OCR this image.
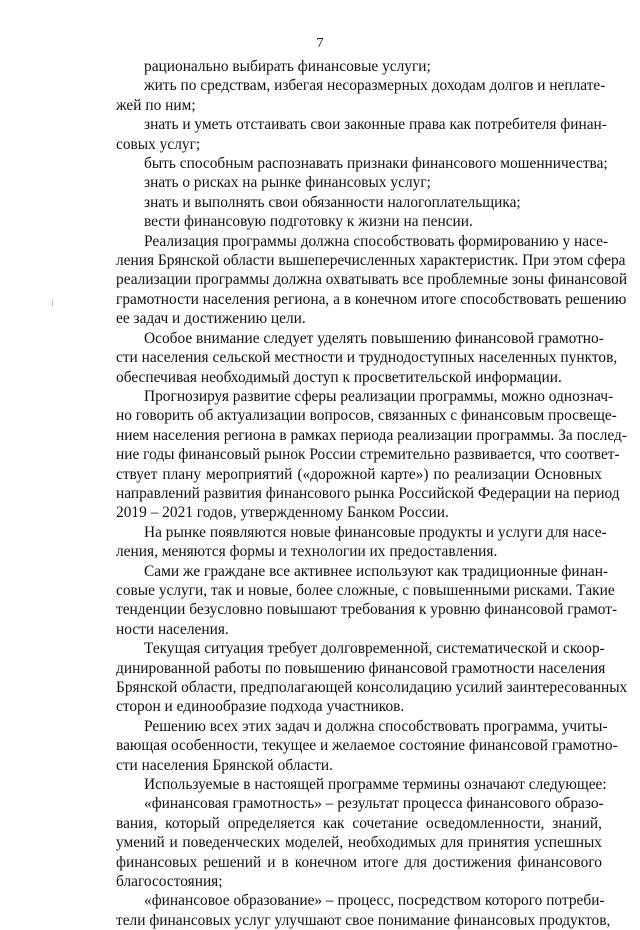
7
рационально выбирать финансовые услуги;
жить по средствам, избегая несоразмерных доходам долгов и неплате-
жей по ним;
знать и уметь отстаивать свои законные права как потребителя финан-
совых услуг;
быть способным распознавать признаки финансового мошенничества;
знать о рисках на рынке финансовых услуг;
знать и выполнять свои обязанности налогоплательщика;
вести финансовую подготовку к жизни на пенсии.
Реализация программы должна способствовать формированию у насе-
ления Брянской области вышеперечисленных характеристик. При этом сфера
реализации программы должна охватывать все проблемные зоны финансовой
грамотности населения региона, а в конечном итоге способствовать решению
ее задач и достижению цели.
Особое внимание следует уделять повышению финансовой грамотно-
сти населения сельской местности и труднодоступных населенных пунктов,
обеспечивая необходимый доступ к просветительской информации.
Прогнозируя развитие сферы реализации программы, можно однознач-
но говорить об актуализации вопросов, связанных с финансовым просвеще-
нием населения региона в рамках периода реализации программы. За послед-
ние годы финансовый рынок России стремительно развивается, что соответ-
ствует плану мероприятий («дорожной карте») по реализации Основных
направлений развития финансового рынка Российской Федерации на период
2019 – 2021 годов, утвержденному Банком России.
На рынке появляются новые финансовые продукты и услуги для насе-
ления, меняются формы и технологии их предоставления.
Сами же граждане все активнее используют как традиционные финан-
совые услуги, так и новые, более сложные, с повышенными рисками. Такие
тенденции безусловно повышают требования к уровню финансовой грамот-
ности населения.
Текущая ситуация требует долговременной, систематической и скоор-
динированной работы по повышению финансовой грамотности населения
Брянской области, предполагающей консолидацию усилий заинтересованных
сторон и единообразие подхода участников.
Решению всех этих задач и должна способствовать программа, учиты-
вающая особенности, текущее и желаемое состояние финансовой грамотно-
сти населения Брянской области.
Используемые в настоящей программе термины означают следующее:
«финансовая грамотность» – результат процесса финансового образо-
вания, который определяется как сочетание осведомленности, знаний,
умений и поведенческих моделей, необходимых для принятия успешных
финансовых решений и в конечном итоге для достижения финансового
благосостояния;
«финансовое образование» – процесс, посредством которого потреби-
тели финансовых услуг улучшают свое понимание финансовых продуктов,
